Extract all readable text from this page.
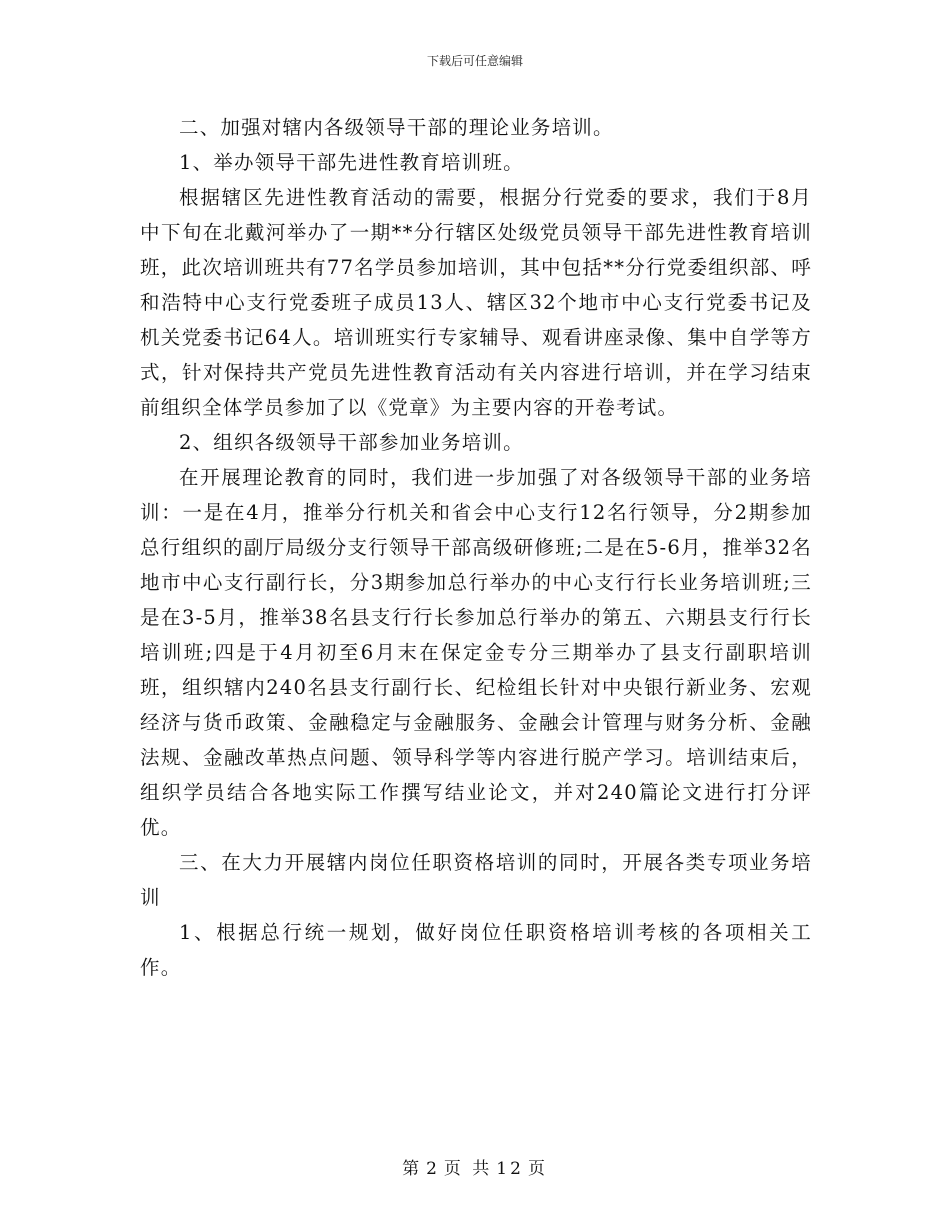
下载后可任意编辑

二、加强对辖内各级领导干部的理论业务培训。

1、举办领导干部先进性教育培训班。

根据辖区先进性教育活动的需要，根据分行党委的要求，我们于8月中下旬在北戴河举办了一期**分行辖区处级党员领导干部先进性教育培训班，此次培训班共有77名学员参加培训，其中包括**分行党委组织部、呼和浩特中心支行党委班子成员13人、辖区32个地市中心支行党委书记及机关党委书记64人。培训班实行专家辅导、观看讲座录像、集中自学等方式，针对保持共产党员先进性教育活动有关内容进行培训，并在学习结束前组织全体学员参加了以《党章》为主要内容的开卷考试。

2、组织各级领导干部参加业务培训。

在开展理论教育的同时，我们进一步加强了对各级领导干部的业务培训：一是在4月，推举分行机关和省会中心支行12名行领导，分2期参加总行组织的副厅局级分支行领导干部高级研修班;二是在5-6月，推举32名地市中心支行副行长，分3期参加总行举办的中心支行行长业务培训班;三是在3-5月，推举38名县支行行长参加总行举办的第五、六期县支行行长培训班;四是于4月初至6月末在保定金专分三期举办了县支行副职培训班，组织辖内240名县支行副行长、纪检组长针对中央银行新业务、宏观经济与货币政策、金融稳定与金融服务、金融会计管理与财务分析、金融法规、金融改革热点问题、领导科学等内容进行脱产学习。培训结束后，组织学员结合各地实际工作撰写结业论文，并对240篇论文进行打分评优。

三、在大力开展辖内岗位任职资格培训的同时，开展各类专项业务培训

1、根据总行统一规划，做好岗位任职资格培训考核的各项相关工作。

第 2 页 共 12 页
